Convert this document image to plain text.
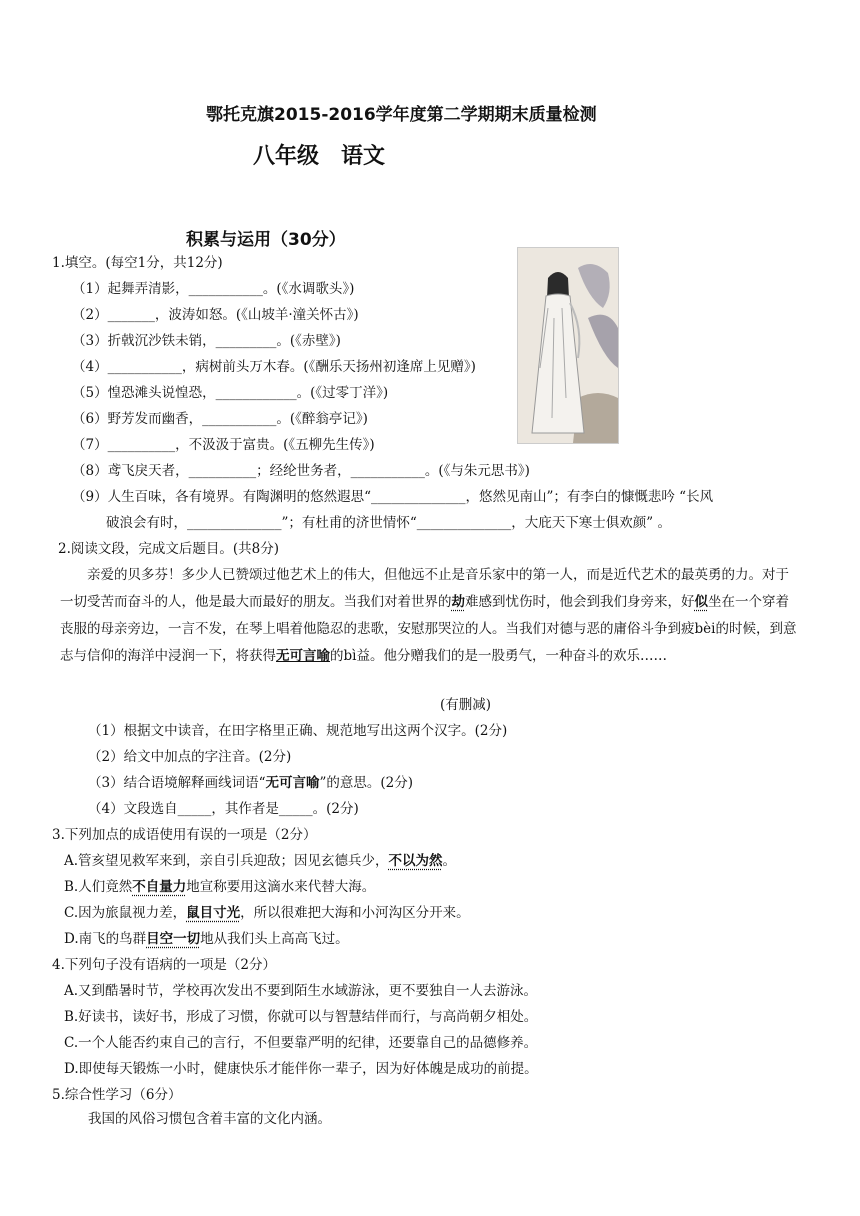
鄂托克旗2015-2016学年度第二学期期末质量检测
八年级　语文
积累与运用（30分）
1.填空。(每空1分，共12分)
（1）起舞弄清影，___________。(《水调歌头》)
（2）_______，波涛如怒。(《山坡羊·潼关怀古》)
（3）折戟沉沙铁未销，_________。(《赤壁》)
（4）___________，病树前头万木春。(《酬乐天扬州初逢席上见赠》)
（5）惶恐滩头说惶恐，____________。(《过零丁洋》)
（6）野芳发而幽香，___________。(《醉翁亭记》)
（7）__________，不汲汲于富贵。(《五柳先生传》)
（8）鸢飞戾天者，__________；经纶世务者，___________。(《与朱元思书》)
（9）人生百味，各有境界。有陶渊明的悠然遐思“______________，悠然见南山”；有李白的慷慨悲吟 “长风
破浪会有时，______________”；有杜甫的济世情怀“______________，大庇天下寒士俱欢颜” 。
2.阅读文段，完成文后题目。(共8分)
亲爱的贝多芬！多少人已赞颂过他艺术上的伟大，但他远不止是音乐家中的第一人，而是近代艺术的最英勇的力。对于一切受苦而奋斗的人，他是最大而最好的朋友。当我们对着世界的劫难感到忧伤时，他会到我们身旁来，好似坐在一个穿着丧服的母亲旁边，一言不发，在琴上唱着他隐忍的悲歌，安慰那哭泣的人。当我们对德与恶的庸俗斗争到疲bèi的时候，到意志与信仰的海洋中浸润一下，将获得无可言喻的bì益。他分赠我们的是一股勇气，一种奋斗的欢乐……
(有删减)
（1）根据文中读音，在田字格里正确、规范地写出这两个汉字。(2分)
（2）给文中加点的字注音。(2分)
（3）结合语境解释画线词语“无可言喻”的意思。(2分)
（4）文段选自_____，其作者是_____。(2分)
3.下列加点的成语使用有误的一项是（2分）
A.管亥望见救军来到，亲自引兵迎敌；因见玄德兵少，不以为然。
B.人们竟然不自量力地宣称要用这滴水来代替大海。
C.因为旅鼠视力差，鼠目寸光，所以很难把大海和小河沟区分开来。
D.南飞的鸟群目空一切地从我们头上高高飞过。
4.下列句子没有语病的一项是（2分）
A.又到酷暑时节，学校再次发出不要到陌生水域游泳，更不要独自一人去游泳。
B.好读书，读好书，形成了习惯，你就可以与智慧结伴而行，与高尚朝夕相处。
C.一个人能否约束自己的言行，不但要靠严明的纪律，还要靠自己的品德修养。
D.即使每天锻炼一小时，健康快乐才能伴你一辈子，因为好体魄是成功的前提。
5.综合性学习（6分）
我国的风俗习惯包含着丰富的文化内涵。
